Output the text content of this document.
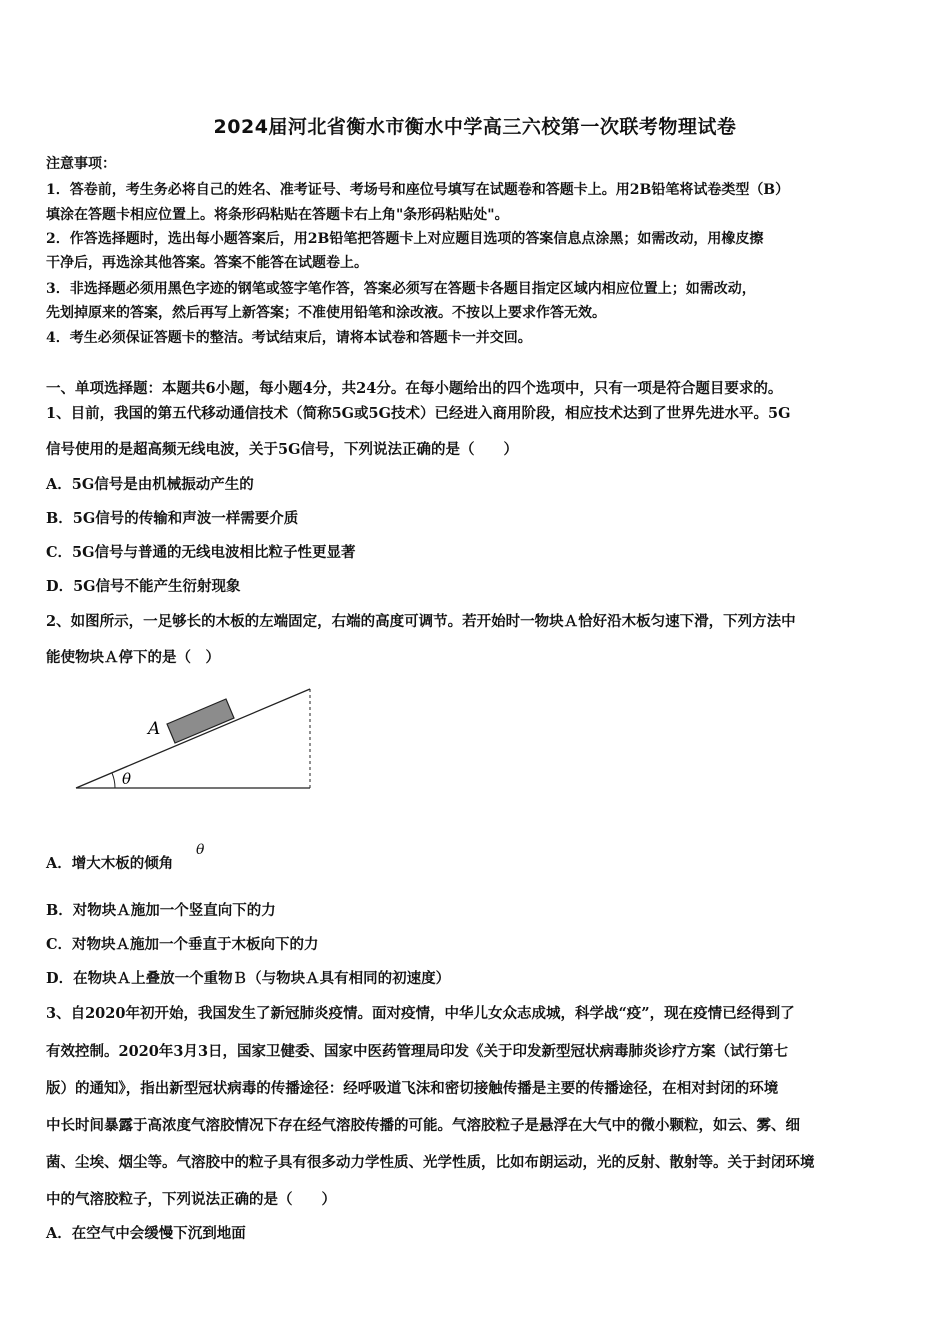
2024届河北省衡水市衡水中学高三六校第一次联考物理试卷
注意事项：
1．答卷前，考生务必将自己的姓名、准考证号、考场号和座位号填写在试题卷和答题卡上。用2B铅笔将试卷类型（B）
填涂在答题卡相应位置上。将条形码粘贴在答题卡右上角"条形码粘贴处"。
2．作答选择题时，选出每小题答案后，用2B铅笔把答题卡上对应题目选项的答案信息点涂黑；如需改动，用橡皮擦
干净后，再选涂其他答案。答案不能答在试题卷上。
3．非选择题必须用黑色字迹的钢笔或签字笔作答，答案必须写在答题卡各题目指定区域内相应位置上；如需改动，
先划掉原来的答案，然后再写上新答案；不准使用铅笔和涂改液。不按以上要求作答无效。
4．考生必须保证答题卡的整洁。考试结束后，请将本试卷和答题卡一并交回。
一、单项选择题：本题共6小题，每小题4分，共24分。在每小题给出的四个选项中，只有一项是符合题目要求的。
1、目前，我国的第五代移动通信技术（简称5G或5G技术）已经进入商用阶段，相应技术达到了世界先进水平。5G
信号使用的是超高频无线电波，关于5G信号，下列说法正确的是（　　）
A．5G信号是由机械振动产生的
B．5G信号的传输和声波一样需要介质
C．5G信号与普通的无线电波相比粒子性更显著
D．5G信号不能产生衍射现象
2、如图所示，一足够长的木板的左端固定，右端的高度可调节。若开始时一物块Ａ恰好沿木板匀速下滑，下列方法中
能使物块Ａ停下的是（　）
A
θ
A．增大木板的倾角
θ
B．对物块Ａ施加一个竖直向下的力
C．对物块Ａ施加一个垂直于木板向下的力
D．在物块Ａ上叠放一个重物Ｂ（与物块Ａ具有相同的初速度）
3、自2020年初开始，我国发生了新冠肺炎疫情。面对疫情，中华儿女众志成城，科学战“疫”，现在疫情已经得到了
有效控制。2020年3月3日，国家卫健委、国家中医药管理局印发《关于印发新型冠状病毒肺炎诊疗方案（试行第七
版）的通知》，指出新型冠状病毒的传播途径：经呼吸道飞沫和密切接触传播是主要的传播途径，在相对封闭的环境
中长时间暴露于高浓度气溶胶情况下存在经气溶胶传播的可能。气溶胶粒子是悬浮在大气中的微小颗粒，如云、雾、细
菌、尘埃、烟尘等。气溶胶中的粒子具有很多动力学性质、光学性质，比如布朗运动，光的反射、散射等。关于封闭环境
中的气溶胶粒子，下列说法正确的是（　　）
A．在空气中会缓慢下沉到地面
